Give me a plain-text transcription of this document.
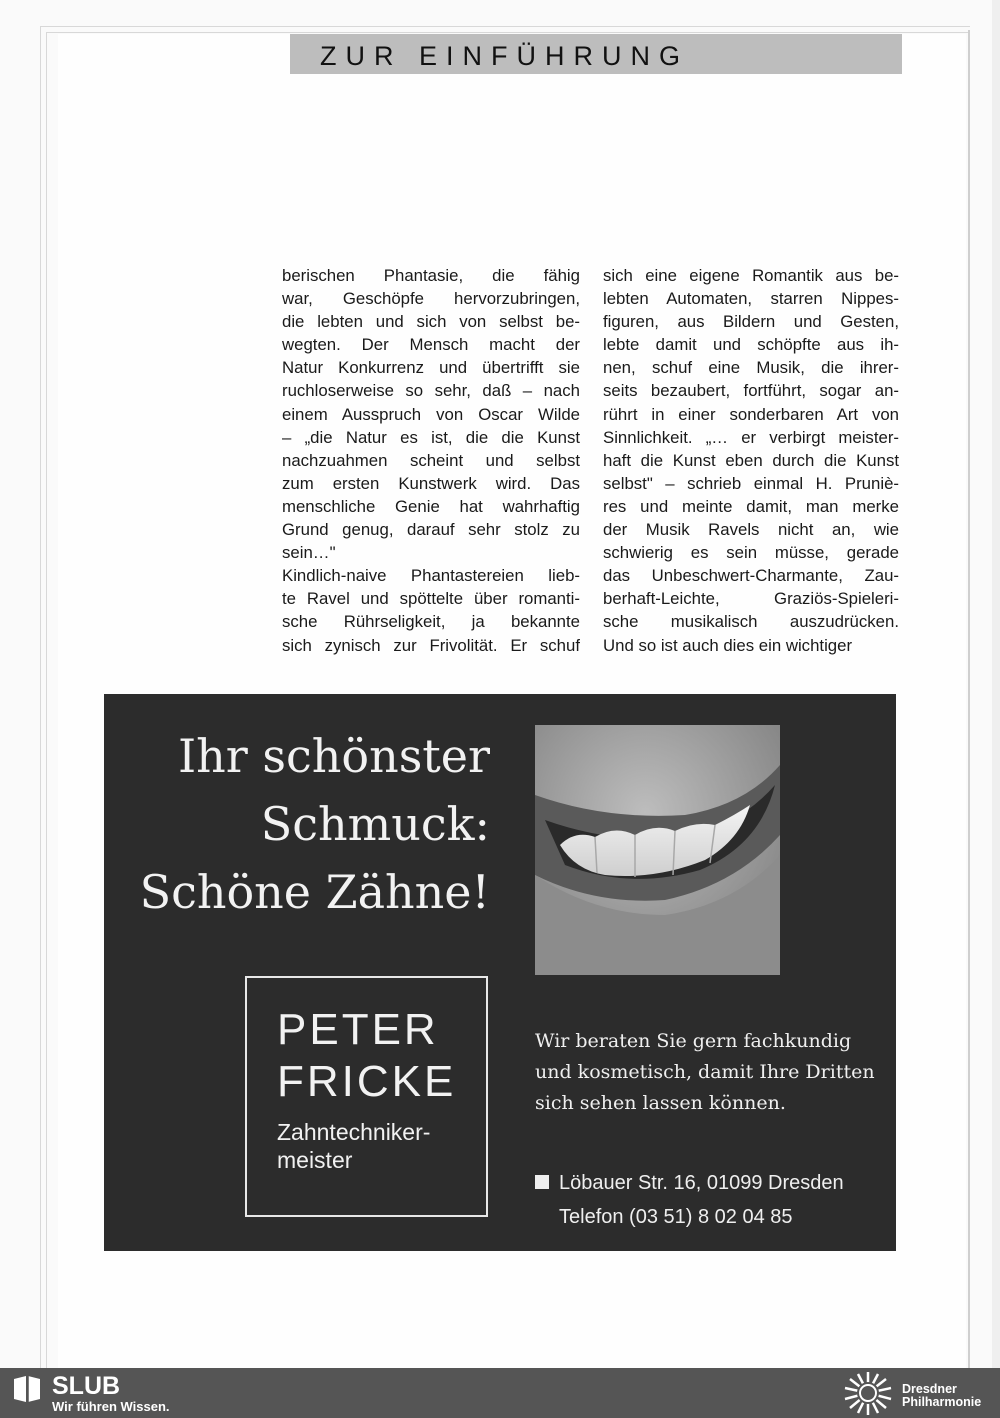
ZUR EINFÜHRUNG
berischen Phantasie, die fähig
war, Geschöpfe hervorzubringen,
die lebten und sich von selbst be-
wegten. Der Mensch macht der
Natur Konkurrenz und übertrifft sie
ruchloserweise so sehr, daß – nach
einem Ausspruch von Oscar Wilde
– „die Natur es ist, die die Kunst
nachzuahmen scheint und selbst
zum ersten Kunstwerk wird. Das
menschliche Genie hat wahrhaftig
Grund genug, darauf sehr stolz zu
sein…"
Kindlich-naive Phantastereien lieb-
te Ravel und spöttelte über romanti-
sche Rührseligkeit, ja bekannte
sich zynisch zur Frivolität. Er schuf
sich eine eigene Romantik aus be-
lebten Automaten, starren Nippes-
figuren, aus Bildern und Gesten,
lebte damit und schöpfte aus ih-
nen, schuf eine Musik, die ihrer-
seits bezaubert, fortführt, sogar an-
rührt in einer sonderbaren Art von
Sinnlichkeit. „… er verbirgt meister-
haft die Kunst eben durch die Kunst
selbst" – schrieb einmal H. Pruniè-
res und meinte damit, man merke
der Musik Ravels nicht an, wie
schwierig es sein müsse, gerade
das Unbeschwert-Charmante, Zau-
berhaft-Leichte, Graziös-Spieleri-
sche musikalisch auszudrücken.
Und so ist auch dies ein wichtiger
Ihr schönster
Schmuck:
Schöne Zähne!
PETER
FRICKE
Zahntechniker-
meister
Wir beraten Sie gern fachkundig
und kosmetisch, damit Ihre Dritten
sich sehen lassen können.
Löbauer Str. 16, 01099 Dresden
Telefon (03 51) 8 02 04 85
SLUB
Wir führen Wissen.
Dresdner
Philharmonie
